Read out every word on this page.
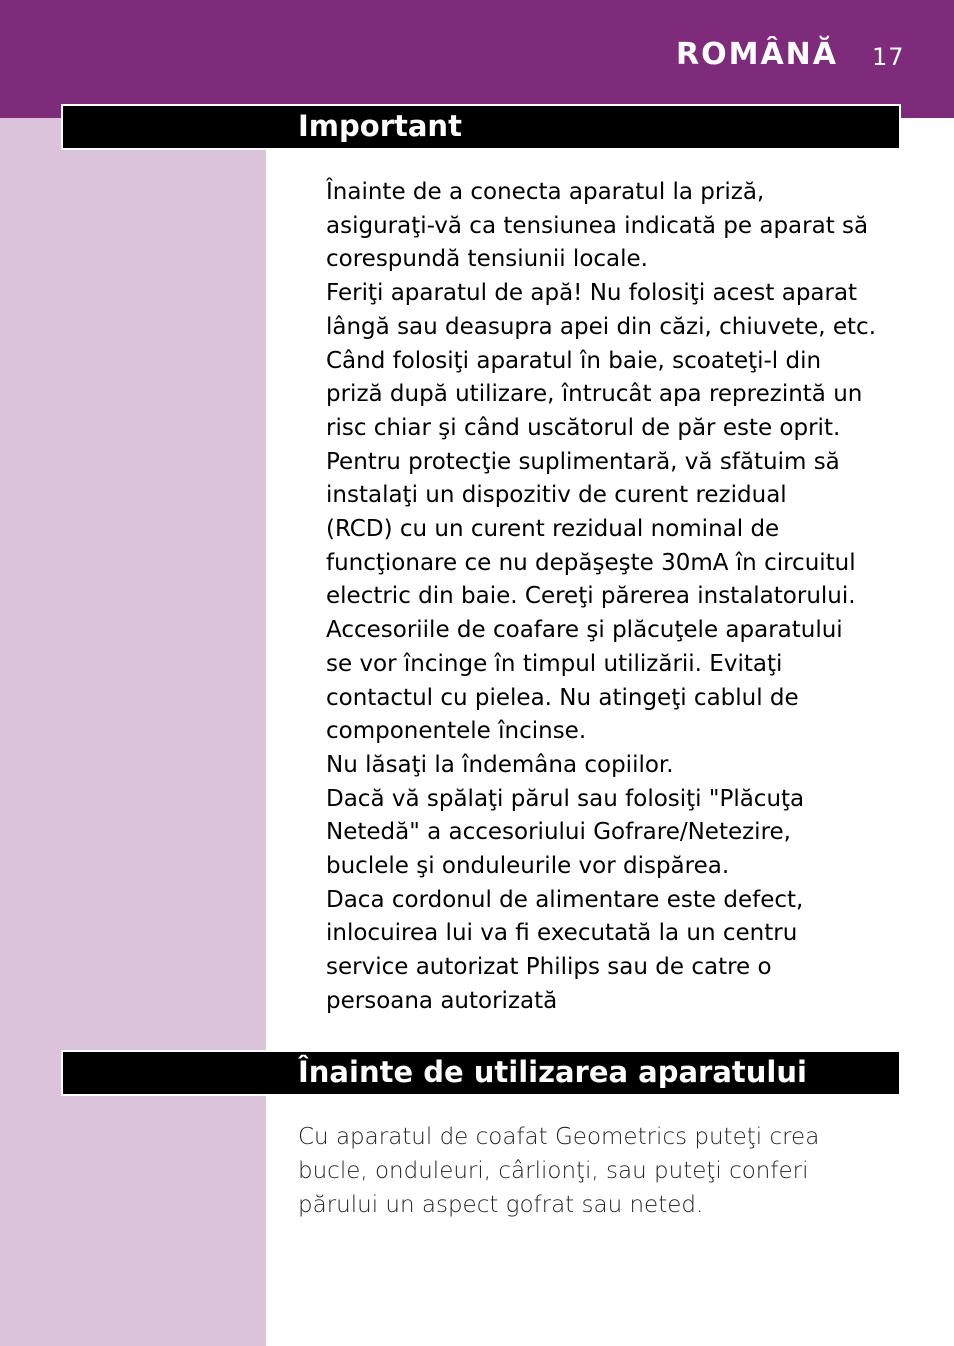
ROMÂNĂ 17
Important
Înainte de a conecta aparatul la priză,
asiguraţi-vă ca tensiunea indicată pe aparat să
corespundă tensiunii locale.
Feriţi aparatul de apă! Nu folosiţi acest aparat
lângă sau deasupra apei din căzi, chiuvete, etc.
Când folosiţi aparatul în baie, scoateţi-l din
priză după utilizare, întrucât apa reprezintă un
risc chiar şi când uscătorul de păr este oprit.
Pentru protecţie suplimentară, vă sfătuim să
instalaţi un dispozitiv de curent rezidual
(RCD) cu un curent rezidual nominal de
funcţionare ce nu depăşeşte 30mA în circuitul
electric din baie. Cereţi părerea instalatorului.
Accesoriile de coafare şi plăcuţele aparatului
se vor încinge în timpul utilizării. Evitaţi
contactul cu pielea. Nu atingeţi cablul de
componentele încinse.
Nu lăsaţi la îndemâna copiilor.
Dacă vă spălaţi părul sau folosiţi "Plăcuţa
Netedă" a accesoriului Gofrare/Netezire,
buclele şi onduleurile vor dispărea.
Daca cordonul de alimentare este defect,
inlocuirea lui va fi executată la un centru
service autorizat Philips sau de catre o
persoana autorizată
Înainte de utilizarea aparatului
Cu aparatul de coafat Geometrics puteţi crea
bucle, onduleuri, cârlionţi, sau puteţi conferi
părului un aspect gofrat sau neted.
